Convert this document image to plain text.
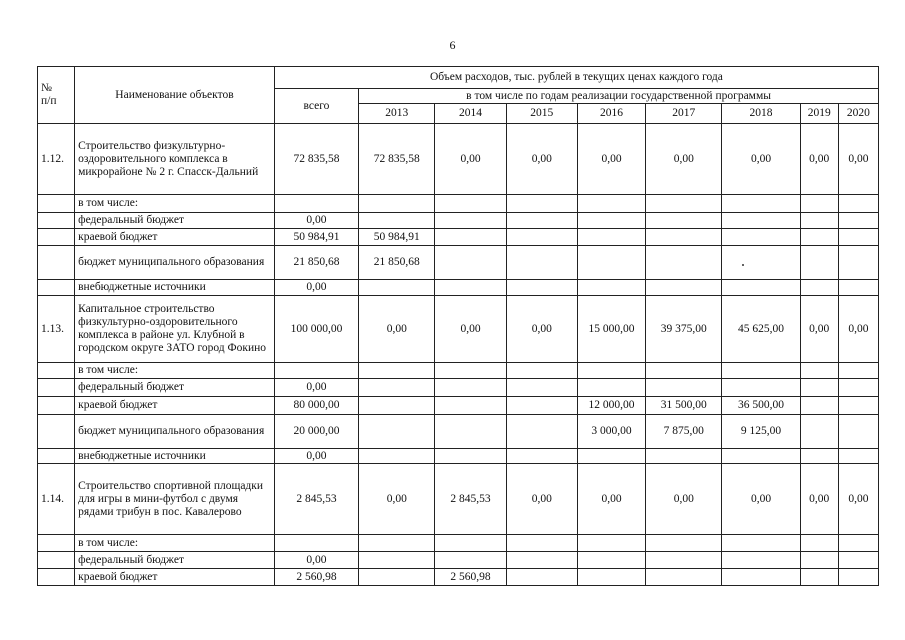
6
№
п/п	Наименование объектов	Объем расходов, тыс. рублей в текущих ценах каждого года								
		всего	в том числе по годам реализации государственной программы							
			2013	2014	2015	2016	2017	2018	2019	2020
1.12.	Строительство физкультурно-оздоровительного комплекса в микрорайоне № 2 г. Спасск-Дальний	72 835,58	72 835,58	0,00	0,00	0,00	0,00	0,00	0,00	0,00
	в том числе:									
	федеральный бюджет	0,00								
	краевой бюджет	50 984,91	50 984,91							
	бюджет муниципального образования	21 850,68	21 850,68							
	внебюджетные источники	0,00								
1.13.	Капитальное строительство физкультурно-оздоровительного комплекса в районе ул. Клубной в городском округе ЗАТО город Фокино	100 000,00	0,00	0,00	0,00	15 000,00	39 375,00	45 625,00	0,00	0,00
	в том числе:									
	федеральный бюджет	0,00								
	краевой бюджет	80 000,00				12 000,00	31 500,00	36 500,00		
	бюджет муниципального образования	20 000,00				3 000,00	7 875,00	9 125,00		
	внебюджетные источники	0,00								
1.14.	Строительство спортивной площадки для игры в мини-футбол с двумя рядами трибун в пос. Кавалерово	2 845,53	0,00	2 845,53	0,00	0,00	0,00	0,00	0,00	0,00
	в том числе:									
	федеральный бюджет	0,00								
	краевой бюджет	2 560,98		2 560,98						
